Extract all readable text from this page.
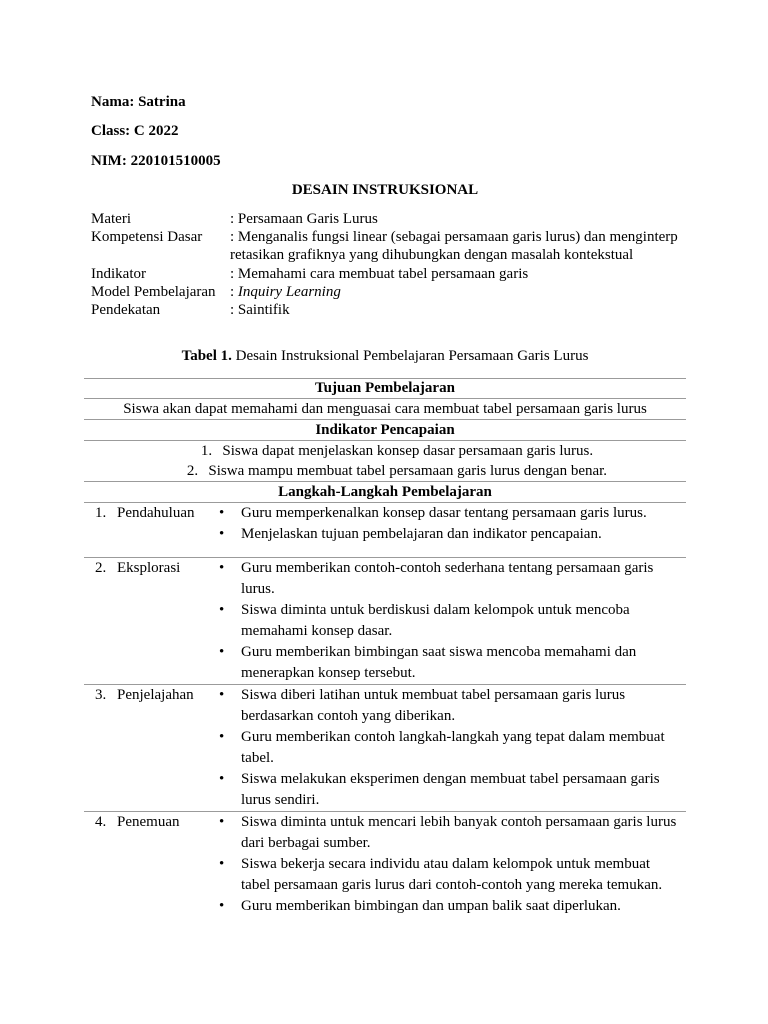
Nama: Satrina
Class: C 2022
NIM: 220101510005
DESAIN INSTRUKSIONAL
Materi	: Persamaan Garis Lurus
Kompetensi Dasar	: Menganalis fungsi linear (sebagai persamaan garis lurus) dan menginterp
retasikan grafiknya yang dihubungkan dengan masalah kontekstual
Indikator	: Memahami cara membuat tabel persamaan garis
Model Pembelajaran : Inquiry Learning
Pendekatan	: Saintifik
Tabel 1. Desain Instruksional Pembelajaran Persamaan Garis Lurus
Tujuan Pembelajaran
Siswa akan dapat memahami dan menguasai cara membuat tabel persamaan garis lurus
Indikator Pencapaian
1. Siswa dapat menjelaskan konsep dasar persamaan garis lurus.
2. Siswa mampu membuat tabel persamaan garis lurus dengan benar.
Langkah-Langkah Pembelajaran
1. Pendahuluan	• Guru memperkenalkan konsep dasar tentang persamaan garis lurus.
• Menjelaskan tujuan pembelajaran dan indikator pencapaian.
2. Eksplorasi	• Guru memberikan contoh-contoh sederhana tentang persamaan garis
lurus.
• Siswa diminta untuk berdiskusi dalam kelompok untuk mencoba
memahami konsep dasar.
• Guru memberikan bimbingan saat siswa mencoba memahami dan
menerapkan konsep tersebut.
3. Penjelajahan	• Siswa diberi latihan untuk membuat tabel persamaan garis lurus
berdasarkan contoh yang diberikan.
• Guru memberikan contoh langkah-langkah yang tepat dalam membuat
tabel.
• Siswa melakukan eksperimen dengan membuat tabel persamaan garis
lurus sendiri.
4. Penemuan	• Siswa diminta untuk mencari lebih banyak contoh persamaan garis lurus
dari berbagai sumber.
• Siswa bekerja secara individu atau dalam kelompok untuk membuat
tabel persamaan garis lurus dari contoh-contoh yang mereka temukan.
• Guru memberikan bimbingan dan umpan balik saat diperlukan.
